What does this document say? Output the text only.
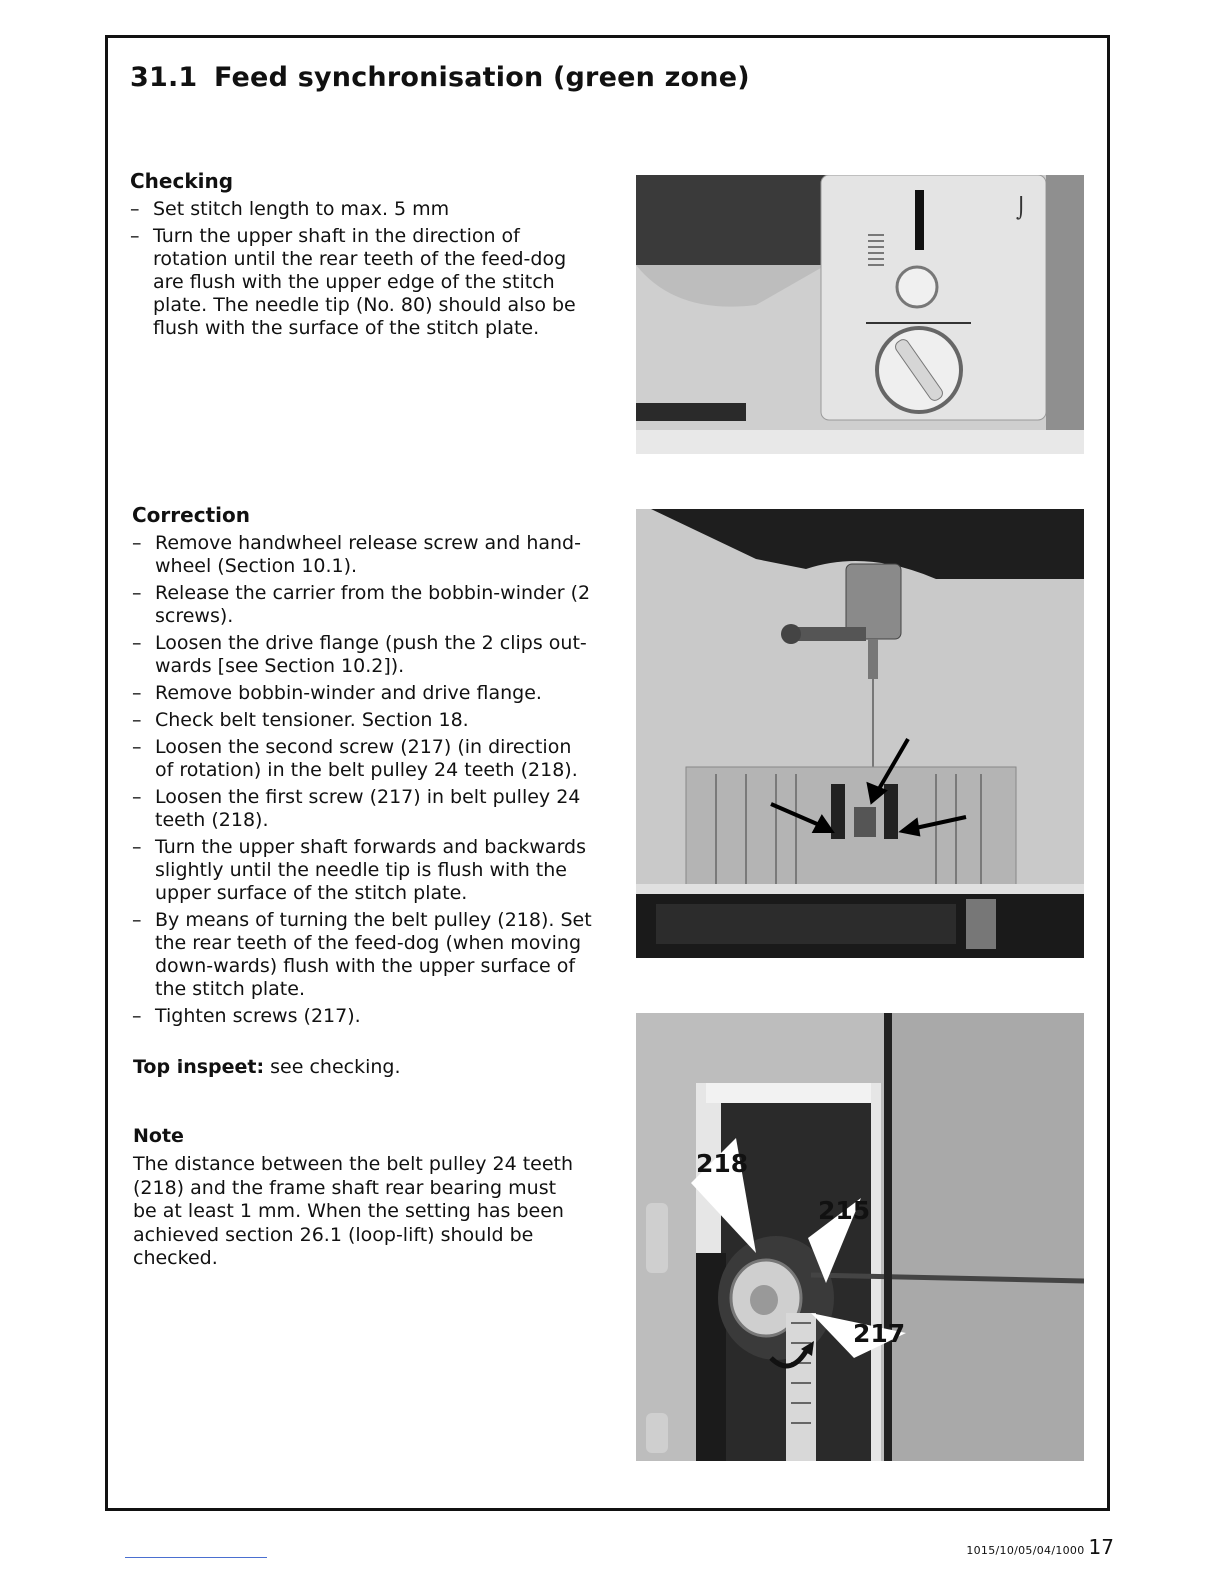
31.1 Feed synchronisation (green zone)
Checking
– Set stitch length to max. 5 mm
– Turn the upper shaft in the direction of rotation until the rear teeth of the feed-dog are flush with the upper edge of the stitch plate. The needle tip (No. 80) should also be flush with the surface of the stitch plate.
Correction
– Remove handwheel release screw and hand-wheel (Section 10.1).
– Release the carrier from the bobbin-winder (2 screws).
– Loosen the drive flange (push the 2 clips out-wards [see Section 10.2]).
– Remove bobbin-winder and drive flange.
– Check belt tensioner. Section 18.
– Loosen the second screw (217) (in direction of rotation) in the belt pulley 24 teeth (218).
– Loosen the first screw (217) in belt pulley 24 teeth (218).
– Turn the upper shaft forwards and backwards slightly until the needle tip is flush with the upper surface of the stitch plate.
– By means of turning the belt pulley (218). Set the rear teeth of the feed-dog (when moving down-wards) flush with the upper surface of the stitch plate.
– Tighten screws (217).

Top inspeet: see checking.

Note

The distance between the belt pulley 24 teeth (218) and the frame shaft rear bearing must be at least 1 mm. When the setting has been achieved section 26.1 (loop-lift) should be checked.

⌡
218
215
217
1015/10/05/04/1000 17
